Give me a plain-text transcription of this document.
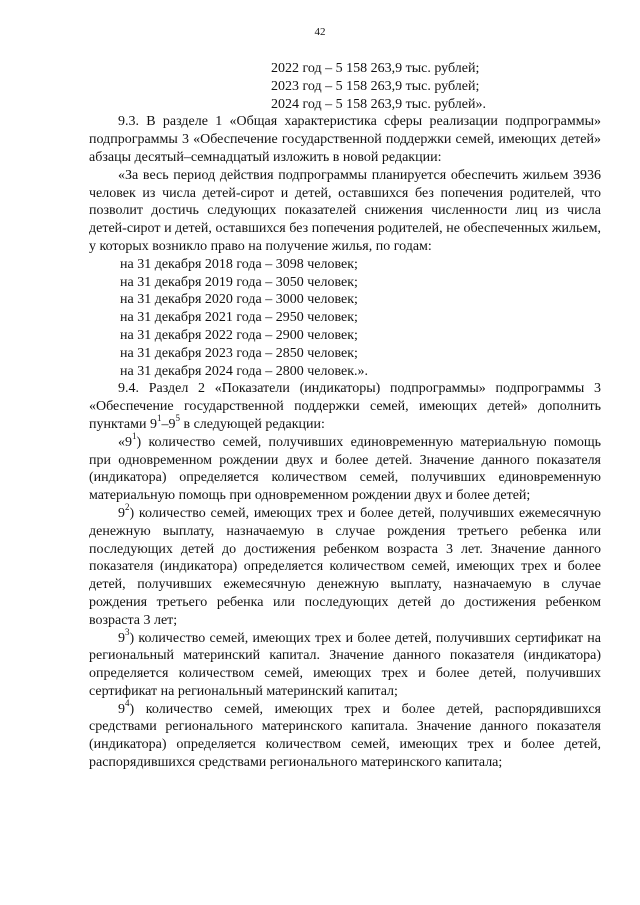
42

2022 год – 5 158 263,9 тыс. рублей;

2023 год – 5 158 263,9 тыс. рублей;

2024 год – 5 158 263,9 тыс. рублей».

9.3. В разделе 1 «Общая характеристика сферы реализации подпрограммы» подпрограммы 3 «Обеспечение государственной поддержки семей, имеющих детей» абзацы десятый–семнадцатый изложить в новой редакции:

«За весь период действия подпрограммы планируется обеспечить жильем 3936 человек из числа детей-сирот и детей, оставшихся без попечения родителей, что позволит достичь следующих показателей снижения численности лиц из числа детей-сирот и детей, оставшихся без попечения родителей, не обеспеченных жильем, у которых возникло право на получение жилья, по годам:

на 31 декабря 2018 года – 3098 человек;

на 31 декабря 2019 года – 3050 человек;

на 31 декабря 2020 года – 3000 человек;

на 31 декабря 2021 года – 2950 человек;

на 31 декабря 2022 года – 2900 человек;

на 31 декабря 2023 года – 2850 человек;

на 31 декабря 2024 года – 2800 человек.».

9.4. Раздел 2 «Показатели (индикаторы) подпрограммы» подпрограммы 3 «Обеспечение государственной поддержки семей, имеющих детей» дополнить пунктами $9^1-9^5$ в следующей редакции:

«$9^1$) количество семей, получивших единовременную материальную помощь при одновременном рождении двух и более детей. Значение данного показателя (индикатора) определяется количеством семей, получивших единовременную материальную помощь при одновременном рождении двух и более детей;

$9^2$) количество семей, имеющих трех и более детей, получивших ежемесячную денежную выплату, назначаемую в случае рождения третьего ребенка или последующих детей до достижения ребенком возраста 3 лет. Значение данного показателя (индикатора) определяется количеством семей, имеющих трех и более детей, получивших ежемесячную денежную выплату, назначаемую в случае рождения третьего ребенка или последующих детей до достижения ребенком возраста 3 лет;

$9^3$) количество семей, имеющих трех и более детей, получивших сертификат на региональный материнский капитал. Значение данного показателя (индикатора) определяется количеством семей, имеющих трех и более детей, получивших сертификат на региональный материнский капитал;

$9^4$) количество семей, имеющих трех и более детей, распорядившихся средствами регионального материнского капитала. Значение данного показателя (индикатора) определяется количеством семей, имеющих трех и более детей, распорядившихся средствами регионального материнского капитала;
